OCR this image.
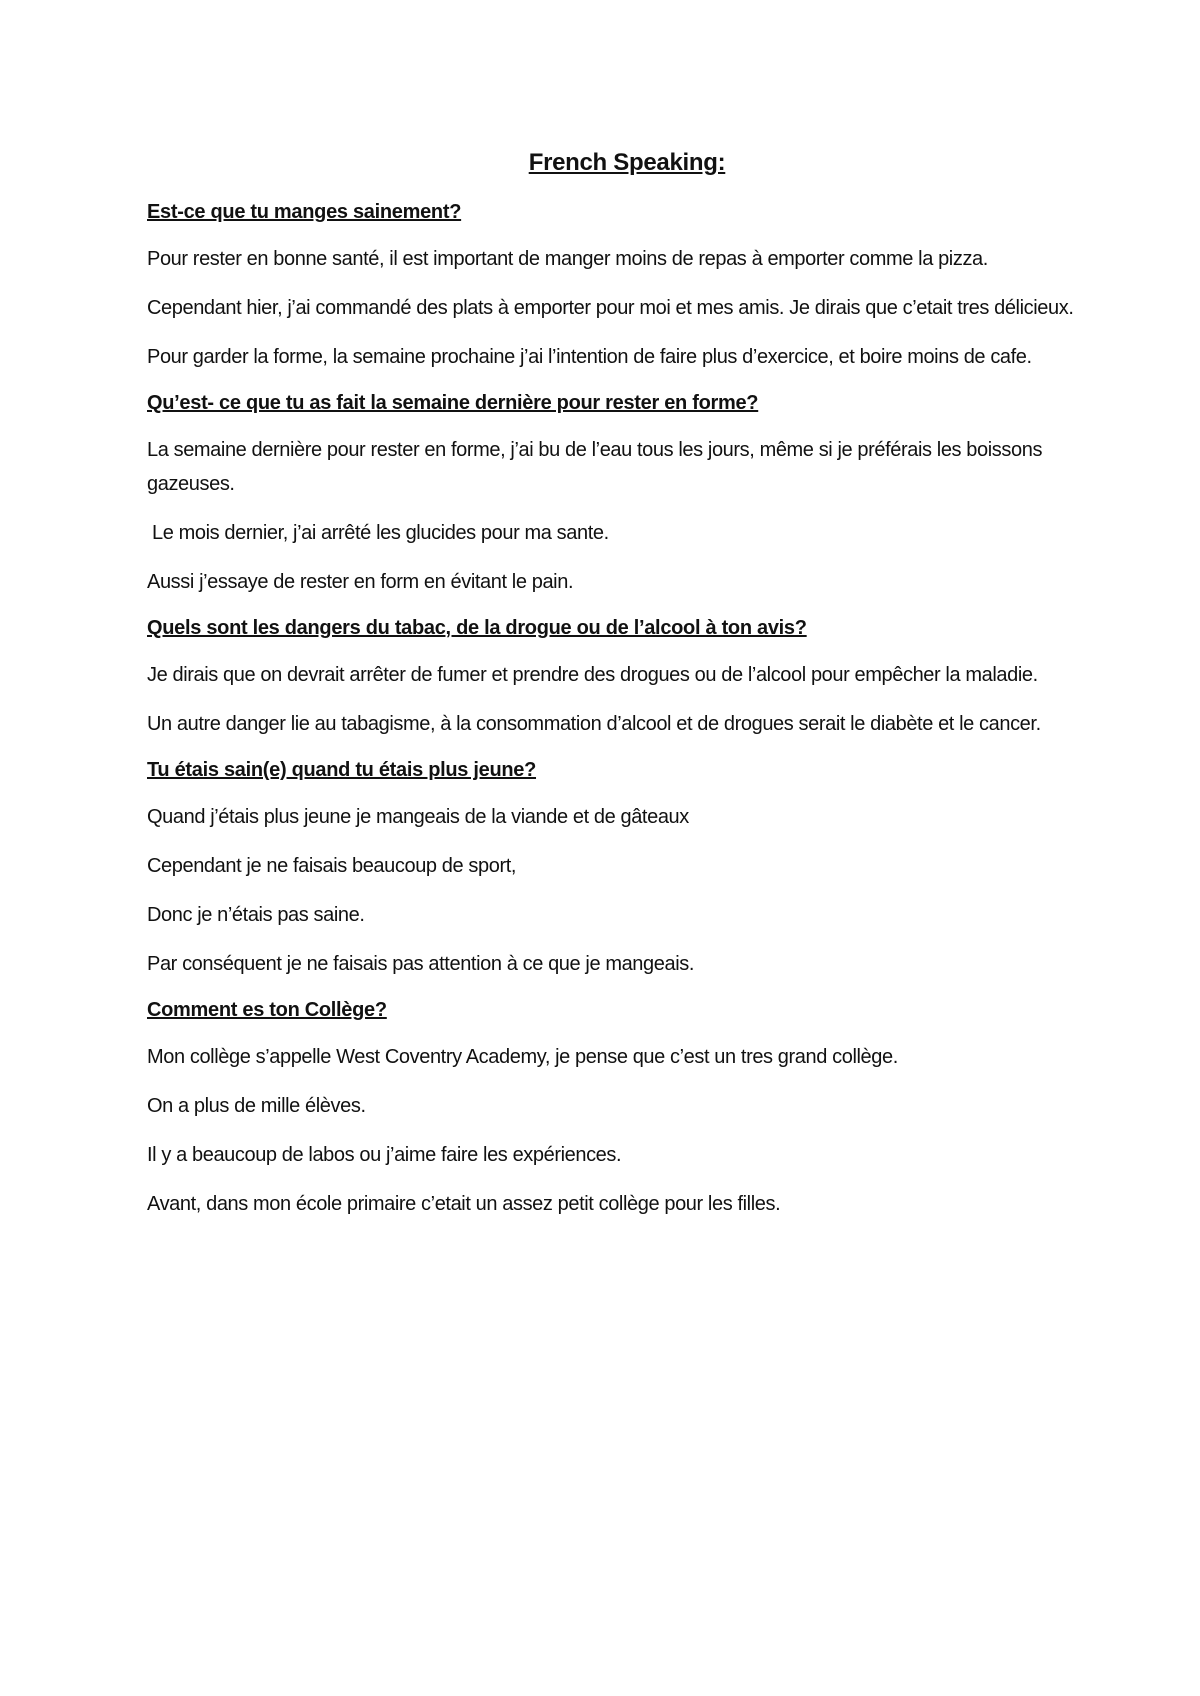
French Speaking:
Est-ce que tu manges sainement?

Pour rester en bonne santé, il est important de manger moins de repas à emporter comme la pizza.

Cependant hier, j’ai commandé des plats à emporter pour moi et mes amis. Je dirais que c’etait tres délicieux.

Pour garder la forme, la semaine prochaine j’ai l’intention de faire plus d’exercice, et boire moins de cafe.

Qu’est- ce que tu as fait la semaine dernière pour rester en forme?

La semaine dernière pour rester en forme, j’ai bu de l’eau tous les jours, même si je préférais les boissons gazeuses.

Le mois dernier, j’ai arrêté les glucides pour ma sante.

Aussi j’essaye de rester en form en évitant le pain.

Quels sont les dangers du tabac, de la drogue ou de l’alcool à ton avis?

Je dirais que on devrait arrêter de fumer et prendre des drogues ou de l’alcool pour empêcher la maladie.

Un autre danger lie au tabagisme, à la consommation d’alcool et de drogues serait le diabète et le cancer.

Tu étais sain(e) quand tu étais plus jeune?

Quand j’étais plus jeune je mangeais de la viande et de gâteaux

Cependant je ne faisais beaucoup de sport,

Donc je n’étais pas saine.

Par conséquent je ne faisais pas attention à ce que je mangeais.

Comment es ton Collège?

Mon collège s’appelle West Coventry Academy, je pense que c’est un tres grand collège.

On a plus de mille élèves.

Il y a beaucoup de labos ou j’aime faire les expériences.

Avant, dans mon école primaire c’etait un assez petit collège pour les filles.
